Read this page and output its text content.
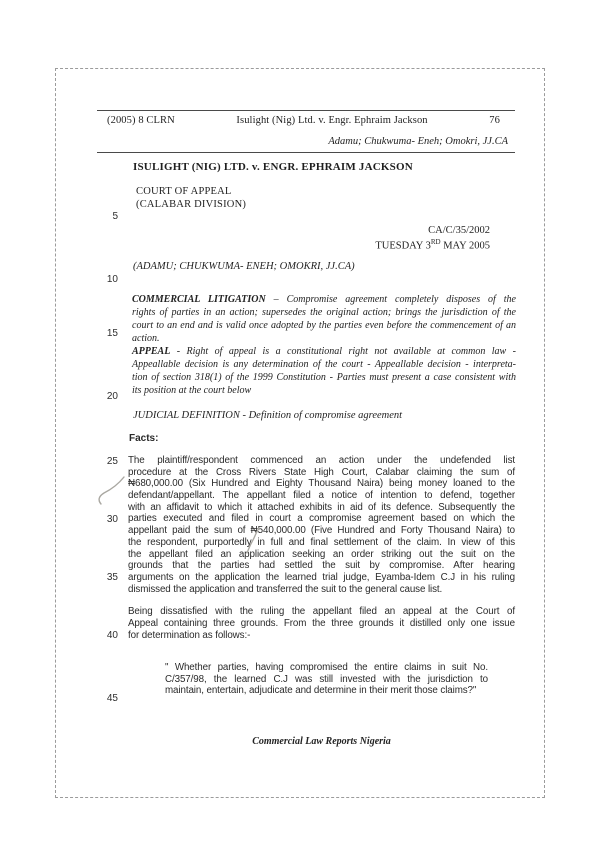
(2005) 8 CLRN	Isulight (Nig) Ltd. v. Engr. Ephraim Jackson	76
Adamu; Chukwuma- Eneh; Omokri, JJ.CA
ISULIGHT (NIG) LTD. v. ENGR. EPHRAIM JACKSON
COURT OF APPEAL
(CALABAR DIVISION)
CA/C/35/2002
TUESDAY 3RD MAY 2005
(ADAMU; CHUKWUMA- ENEH; OMOKRI, JJ.CA)
COMMERCIAL LITIGATION – Compromise agreement completely disposes of the
rights of parties in an action; supersedes the original action; brings the jurisdiction of the
court to an end and is valid once adopted by the parties even before the commencement of an
action.
APPEAL - Right of appeal is a constitutional right not available at common law -
Appeallable decision is any determination of the court - Appeallable decision - interpreta-
tion of section 318(1) of the 1999 Constitution - Parties must present a case consistent with
its position at the court below
JUDICIAL DEFINITION - Definition of compromise agreement
Facts:
The plaintiff/respondent commenced an action under the undefended list
procedure at the Cross Rivers State High Court, Calabar claiming the sum of
₦680,000.00 (Six Hundred and Eighty Thousand Naira) being money loaned to the
defendant/appellant. The appellant filed a notice of intention to defend, together
with an affidavit to which it attached exhibits in aid of its defence. Subsequently the
parties executed and filed in court a compromise agreement based on which the
appellant paid the sum of ₦540,000.00 (Five Hundred and Forty Thousand Naira) to
the respondent, purportedly in full and final settlement of the claim. In view of this
the appellant filed an application seeking an order striking out the suit on the
grounds that the parties had settled the suit by compromise. After hearing
arguments on the application the learned trial judge, Eyamba-Idem C.J in his ruling
dismissed the application and transferred the suit to the general cause list.
Being dissatisfied with the ruling the appellant filed an appeal at the Court of
Appeal containing three grounds. From the three grounds it distilled only one issue
for determination as follows:-
" Whether parties, having compromised the entire claims in suit No.
C/357/98, the learned C.J was still invested with the jurisdiction to
maintain, entertain, adjudicate and determine in their merit those claims?"
Commercial Law Reports Nigeria
5
10
15
20
25
30
35
40
45
